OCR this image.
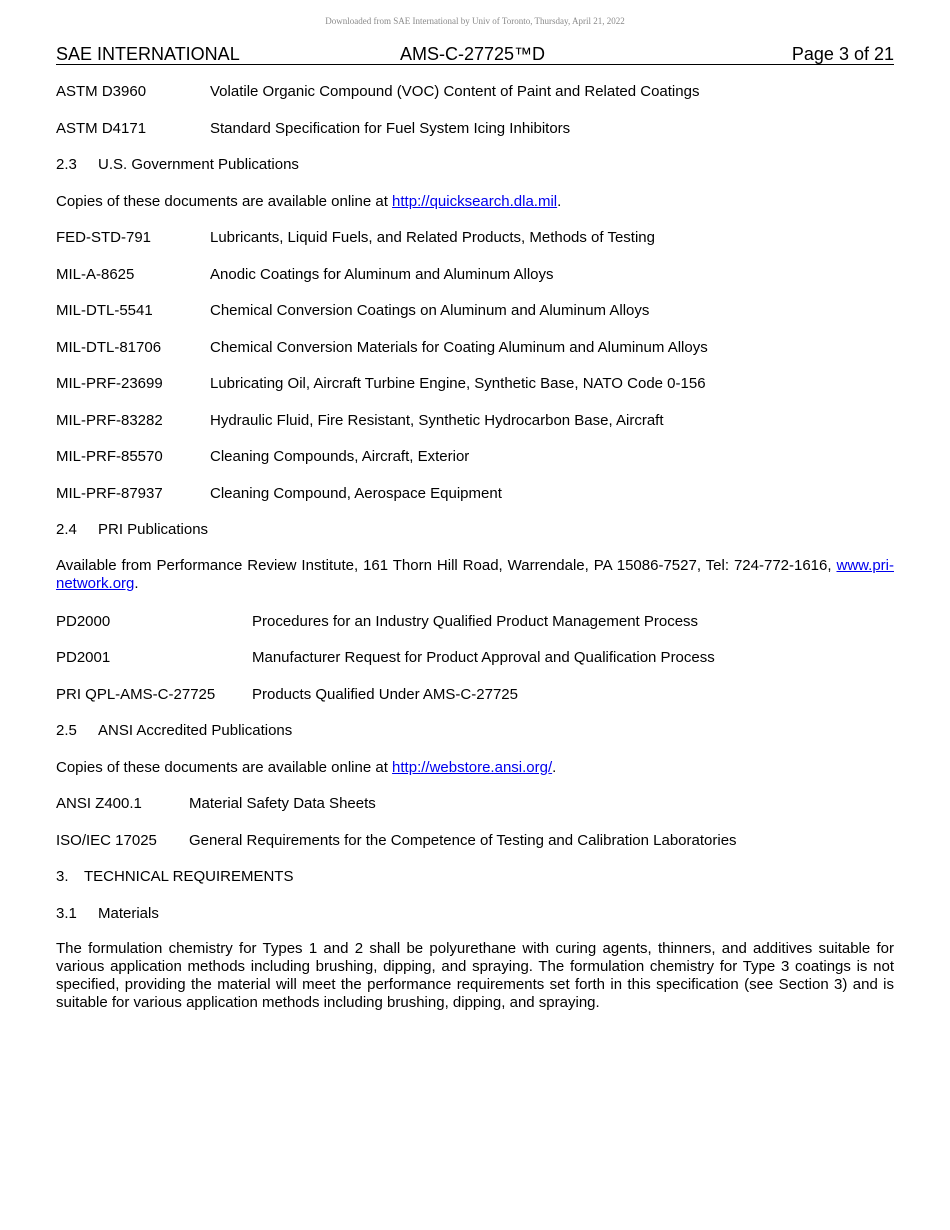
Downloaded from SAE International by Univ of Toronto, Thursday, April 21, 2022
SAE INTERNATIONAL	AMS-C-27725™D	Page 3 of 21
ASTM D3960	Volatile Organic Compound (VOC) Content of Paint and Related Coatings
ASTM D4171	Standard Specification for Fuel System Icing Inhibitors
2.3 U.S. Government Publications
Copies of these documents are available online at http://quicksearch.dla.mil.
FED-STD-791	Lubricants, Liquid Fuels, and Related Products, Methods of Testing
MIL-A-8625	Anodic Coatings for Aluminum and Aluminum Alloys
MIL-DTL-5541	Chemical Conversion Coatings on Aluminum and Aluminum Alloys
MIL-DTL-81706	Chemical Conversion Materials for Coating Aluminum and Aluminum Alloys
MIL-PRF-23699	Lubricating Oil, Aircraft Turbine Engine, Synthetic Base, NATO Code 0-156
MIL-PRF-83282	Hydraulic Fluid, Fire Resistant, Synthetic Hydrocarbon Base, Aircraft
MIL-PRF-85570	Cleaning Compounds, Aircraft, Exterior
MIL-PRF-87937	Cleaning Compound, Aerospace Equipment
2.4 PRI Publications
Available from Performance Review Institute, 161 Thorn Hill Road, Warrendale, PA 15086-7527, Tel: 724-772-1616, www.pri-network.org.
PD2000	Procedures for an Industry Qualified Product Management Process
PD2001	Manufacturer Request for Product Approval and Qualification Process
PRI QPL-AMS-C-27725 Products Qualified Under AMS-C-27725
2.5 ANSI Accredited Publications
Copies of these documents are available online at http://webstore.ansi.org/.
ANSI Z400.1	Material Safety Data Sheets
ISO/IEC 17025 General Requirements for the Competence of Testing and Calibration Laboratories
3. TECHNICAL REQUIREMENTS
3.1 Materials
The formulation chemistry for Types 1 and 2 shall be polyurethane with curing agents, thinners, and additives suitable for various application methods including brushing, dipping, and spraying. The formulation chemistry for Type 3 coatings is not specified, providing the material will meet the performance requirements set forth in this specification (see Section 3) and is suitable for various application methods including brushing, dipping, and spraying.
